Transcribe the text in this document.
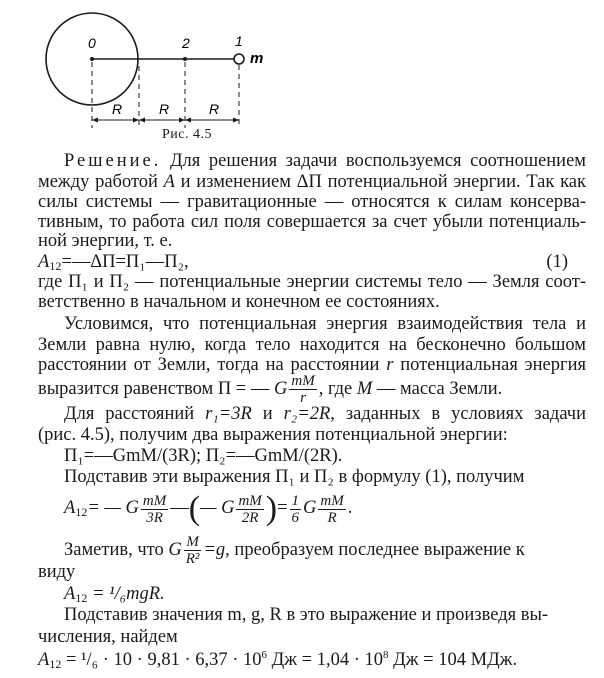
0	2	1
m
R	R	R
Рис. 4.5
Решение. Для решения задачи воспользуемся соотношением
между работой A и изменением ΔП потенциальной энергии. Так как
силы системы — гравитационные — относятся к силам консерва-
тивным, то работа сил поля совершается за счет убыли потенциаль-
ной энергии, т. е.
$A_{12}=—\Delta П=П_1—П_2$,	(1)
где П₁ и П₂ — потенциальные энергии системы тело — Земля соот-
ветственно в начальном и конечном ее состояниях.
Условимся, что потенциальная энергия взаимодействия тела и
Земли равна нулю, когда тело находится на бесконечно большом
расстоянии от Земли, тогда на расстоянии r потенциальная энергия
выразится равенством П = — G $\frac{mM}{r}$ , где M — масса Земли.
Для расстояний r₁=3R и r₂=2R, заданных в условиях задачи
(рис. 4.5), получим два выражения потенциальной энергии:
П₁=—GmM/(3R); П₂=—GmM/(2R).
Подставив эти выражения П₁ и П₂ в формулу (1), получим
$A_{12}=$ — G $\frac{mM}{3R}$ —(— G $\frac{mM}{2R}$ )= $\frac{1}{6}$ G $\frac{mM}{R}$ .
Заметив, что G $\frac{M}{\text{R²}} =g$, преобразуем последнее выражение к
виду
$A_{12} = ^1/_6mgR$.
Подставив значения m, g, R в это выражение и произведя вы-
числения, найдем
$A_{12} = ^1/_6 \cdot 10 \cdot 9,81 \cdot 6,37 \cdot 10^6$ Дж = $1,04 \cdot 10^8$ Дж = 104 МДж.
